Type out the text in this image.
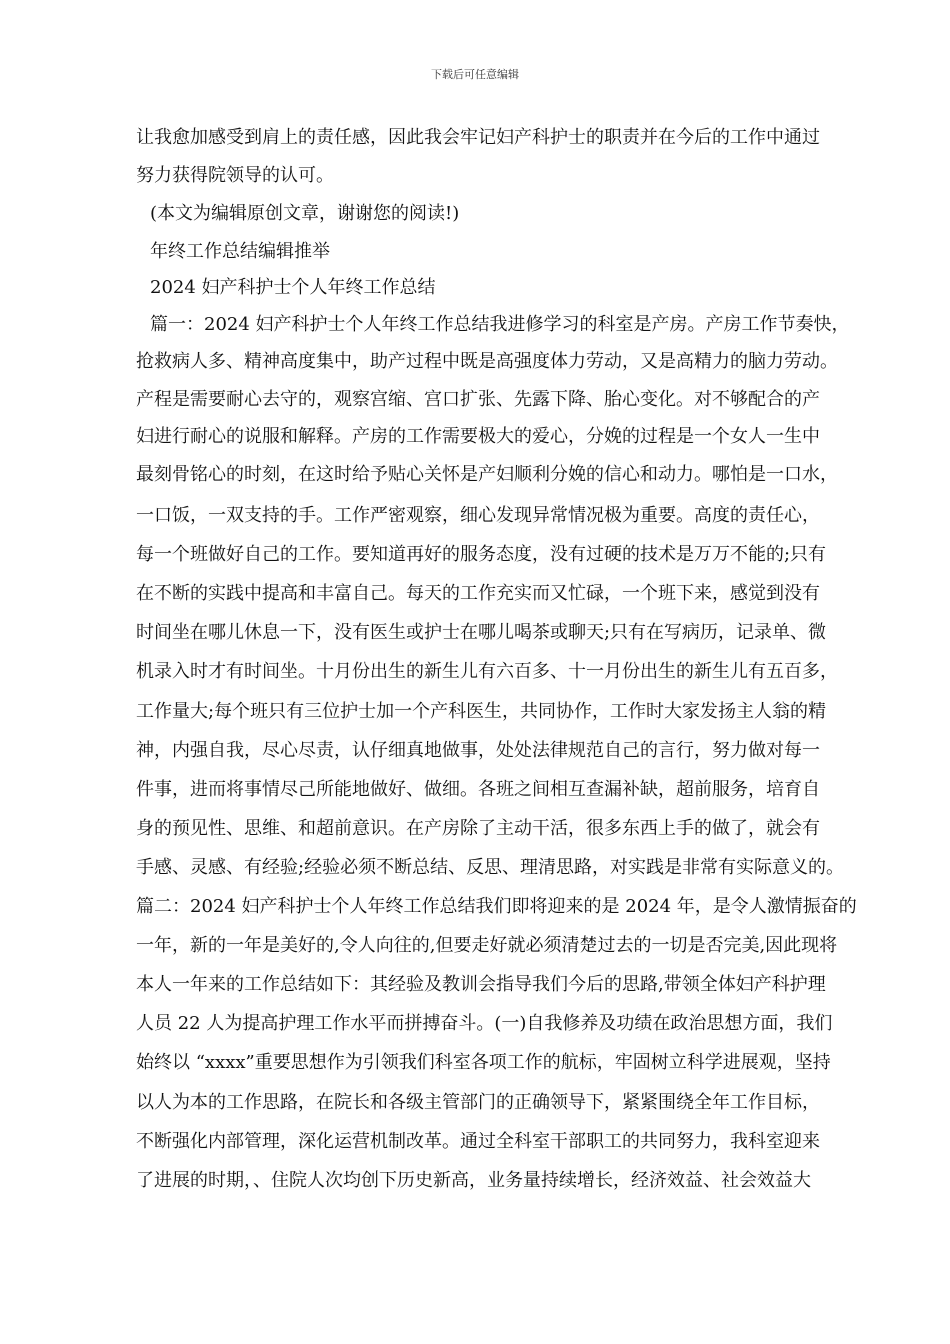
下载后可任意编辑
让我愈加感受到肩上的责任感，因此我会牢记妇产科护士的职责并在今后的工作中通过
努力获得院领导的认可。
(本文为编辑原创文章，谢谢您的阅读!)
年终工作总结编辑推举
2024 妇产科护士个人年终工作总结
篇一：2024 妇产科护士个人年终工作总结我进修学习的科室是产房。产房工作节奏快，
抢救病人多、精神高度集中，助产过程中既是高强度体力劳动，又是高精力的脑力劳动。
产程是需要耐心去守的，观察宫缩、宫口扩张、先露下降、胎心变化。对不够配合的产
妇进行耐心的说服和解释。产房的工作需要极大的爱心，分娩的过程是一个女人一生中
最刻骨铭心的时刻，在这时给予贴心关怀是产妇顺利分娩的信心和动力。哪怕是一口水，
一口饭，一双支持的手。工作严密观察，细心发现异常情况极为重要。高度的责任心，
每一个班做好自己的工作。要知道再好的服务态度，没有过硬的技术是万万不能的;只有
在不断的实践中提高和丰富自己。每天的工作充实而又忙碌，一个班下来，感觉到没有
时间坐在哪儿休息一下，没有医生或护士在哪儿喝茶或聊天;只有在写病历，记录单、微
机录入时才有时间坐。十月份出生的新生儿有六百多、十一月份出生的新生儿有五百多，
工作量大;每个班只有三位护士加一个产科医生，共同协作，工作时大家发扬主人翁的精
神，内强自我，尽心尽责，认仔细真地做事，处处法律规范自己的言行，努力做对每一
件事，进而将事情尽己所能地做好、做细。各班之间相互查漏补缺，超前服务，培育自
身的预见性、思维、和超前意识。在产房除了主动干活，很多东西上手的做了，就会有
手感、灵感、有经验;经验必须不断总结、反思、理清思路，对实践是非常有实际意义的。
篇二：2024 妇产科护士个人年终工作总结我们即将迎来的是 2024 年，是令人激情振奋的
一年，新的一年是美好的,令人向往的,但要走好就必须清楚过去的一切是否完美,因此现将
本人一年来的工作总结如下：其经验及教训会指导我们今后的思路,带领全体妇产科护理
人员 22 人为提高护理工作水平而拼搏奋斗。(一)自我修养及功绩在政治思想方面，我们
始终以 “xxxx”重要思想作为引领我们科室各项工作的航标，牢固树立科学进展观，坚持
以人为本的工作思路，在院长和各级主管部门的正确领导下，紧紧围绕全年工作目标，
不断强化内部管理，深化运营机制改革。通过全科室干部职工的共同努力，我科室迎来
了进展的时期，、住院人次均创下历史新高，业务量持续增长，经济效益、社会效益大
